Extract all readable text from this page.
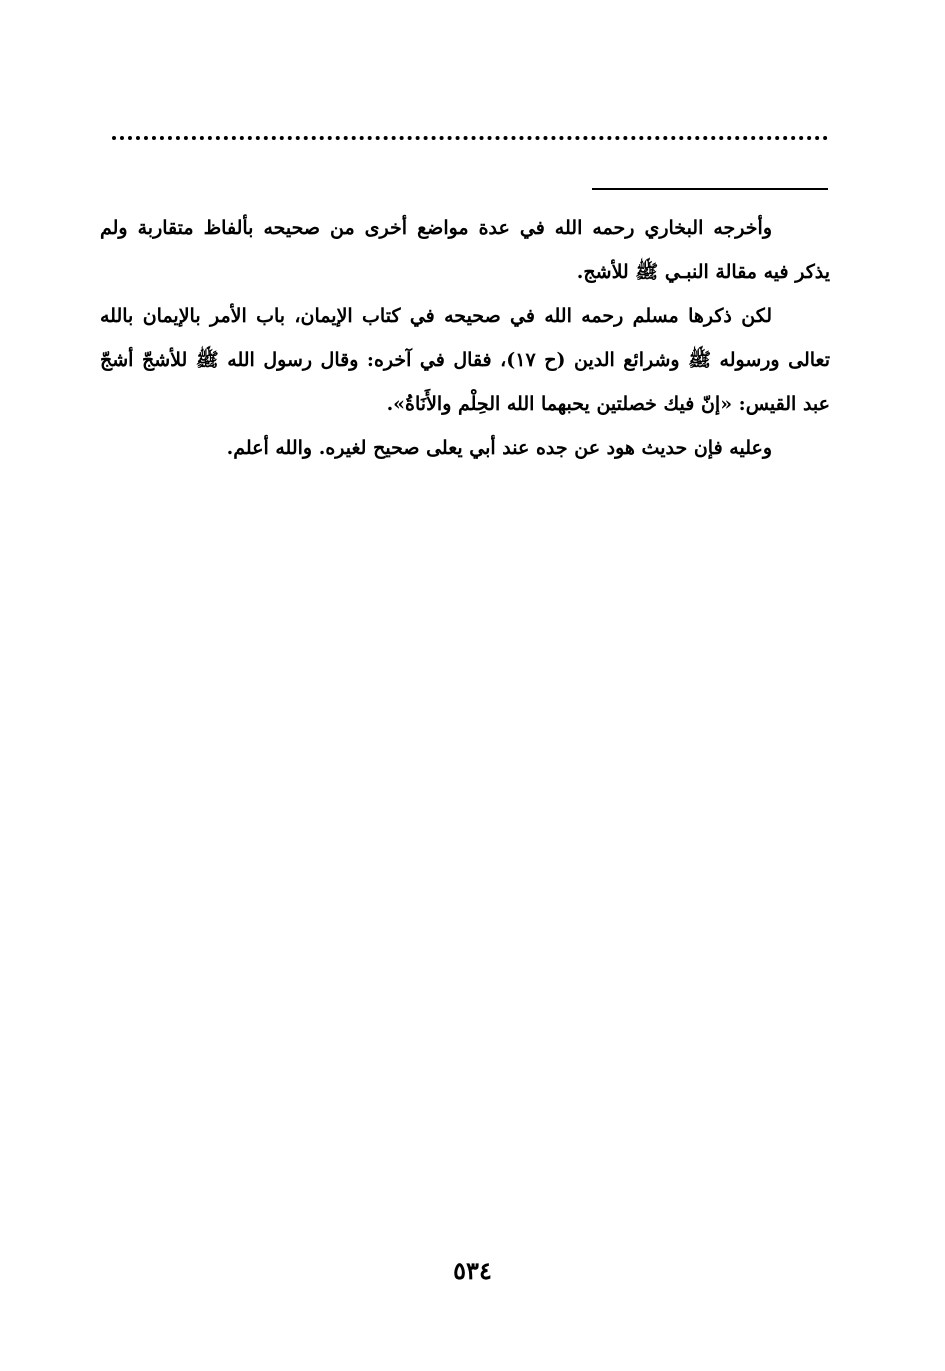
وأخرجه البخاري رحمه الله في عدة مواضع أخرى من صحيحه بألفاظ متقاربة ولم يذكر فيه مقالة النبـي ﷺ للأشج.

لكن ذكرها مسلم رحمه الله في صحيحه في كتاب الإيمان، باب الأمر بالإيمان بالله تعالى ورسوله ﷺ وشرائع الدين (ح ١٧)، فقال في آخره: وقال رسول الله ﷺ للأشجّ أشجّ عبد القيس: «إنّ فيك خصلتين يحبهما الله الحِلْم والأَنَاةُ».

وعليه فإن حديث هود عن جده عند أبي يعلى صحيح لغيره. والله أعلم.

٥٣٤
